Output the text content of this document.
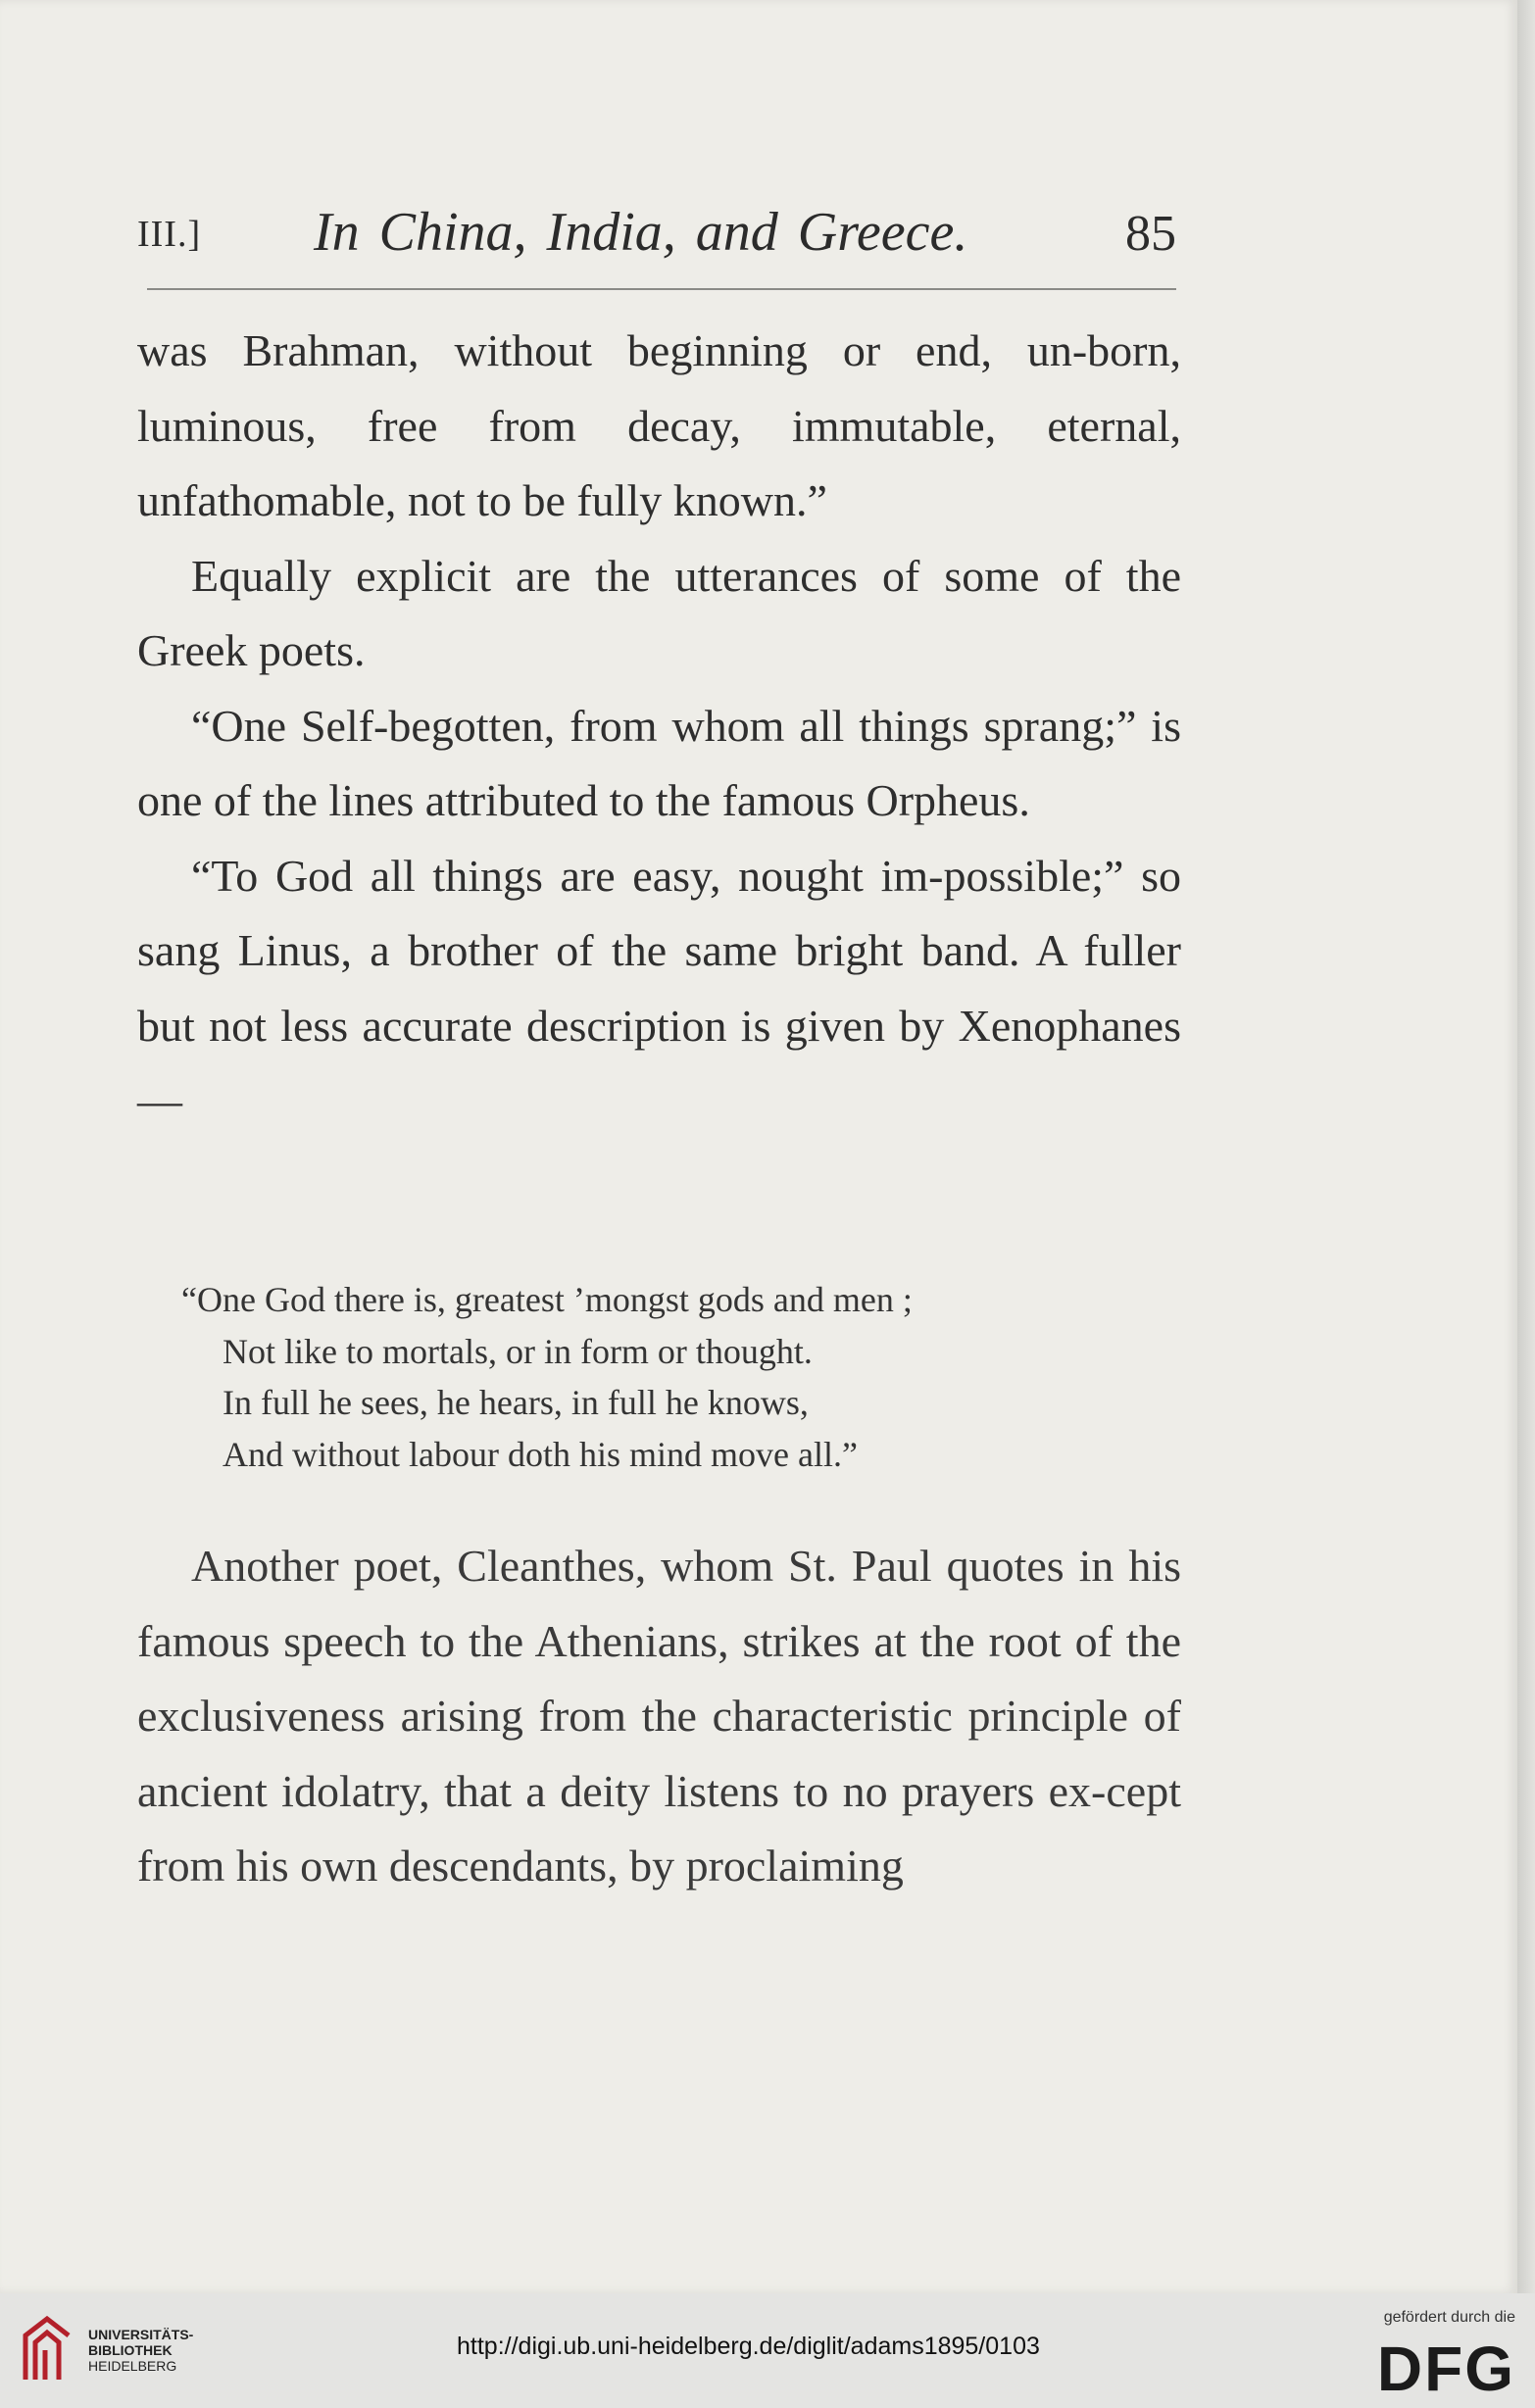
III.] In China, India, and Greece.	85

was Brahman, without beginning or end, un-born, luminous, free from decay, immutable, eternal, unfathomable, not to be fully known.”

Equally explicit are the utterances of some of the Greek poets.

“One Self-begotten, from whom all things sprang;” is one of the lines attributed to the famous Orpheus.

“To God all things are easy, nought im-possible;” so sang Linus, a brother of the same bright band. A fuller but not less accurate description is given by Xenophanes—

“One God there is, greatest ’mongst gods and men ;
Not like to mortals, or in form or thought.
In full he sees, he hears, in full he knows,
And without labour doth his mind move all.”

Another poet, Cleanthes, whom St. Paul quotes in his famous speech to the Athenians, strikes at the root of the exclusiveness arising from the characteristic principle of ancient idolatry, that a deity listens to no prayers ex-cept from his own descendants, by proclaiming

UNIVERSITÄTS-
BIBLIOTHEK
HEIDELBERG
http://digi.ub.uni-heidelberg.de/diglit/adams1895/0103
gefördert durch die
DFG
